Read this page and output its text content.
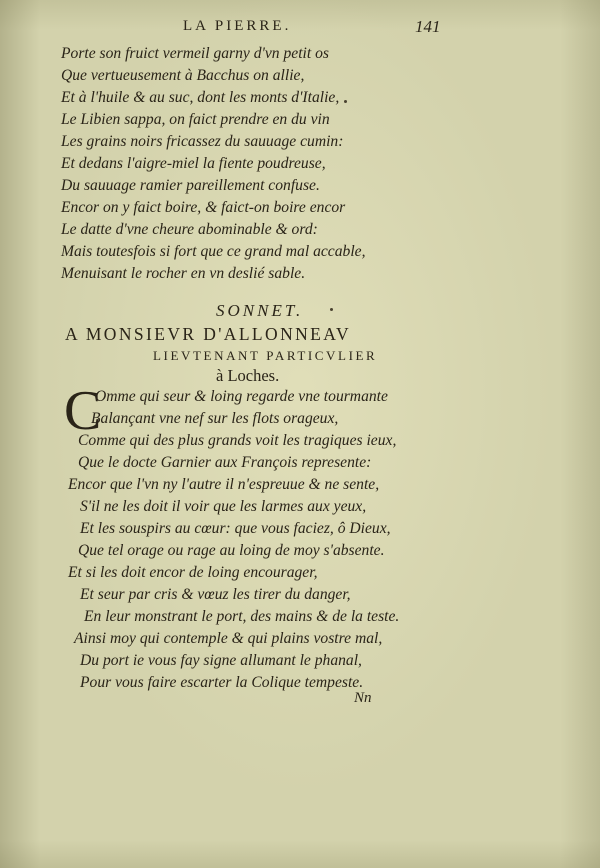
LA PIERRE.	141
Porte son fruict vermeil garny d'vn petit os
Que vertueusement à Bacchus on allie,
Et à l'huile & au suc, dont les monts d'Italie,
Le Libien sappa, on faict prendre en du vin
Les grains noirs fricassez du sauuage cumin:
Et dedans l'aigre-miel la fiente poudreuse,
Du sauuage ramier pareillement confuse.
Encor on y faict boire, & faict-on boire encor
Le datte d'vne cheure abominable & ord:
Mais toutesfois si fort que ce grand mal accable,
Menuisant le rocher en vn deslié sable.
SONNET.
A MONSIEVR D'ALLONNEAV
LIEVTENANT PARTICVLIER
à Loches.
C
Omme qui seur & loing regarde vne tourmante
Balançant vne nef sur les flots orageux,
Comme qui des plus grands voit les tragiques ieux,
Que le docte Garnier aux François represente:
Encor que l'vn ny l'autre il n'espreuue & ne sente,
S'il ne les doit il voir que les larmes aux yeux,
Et les souspirs au cœur: que vous faciez, ô Dieux,
Que tel orage ou rage au loing de moy s'absente.
Et si les doit encor de loing encourager,
Et seur par cris & vœuz les tirer du danger,
En leur monstrant le port, des mains & de la teste.
Ainsi moy qui contemple & qui plains vostre mal,
Du port ie vous fay signe allumant le phanal,
Pour vous faire escarter la Colique tempeste.
Nn
